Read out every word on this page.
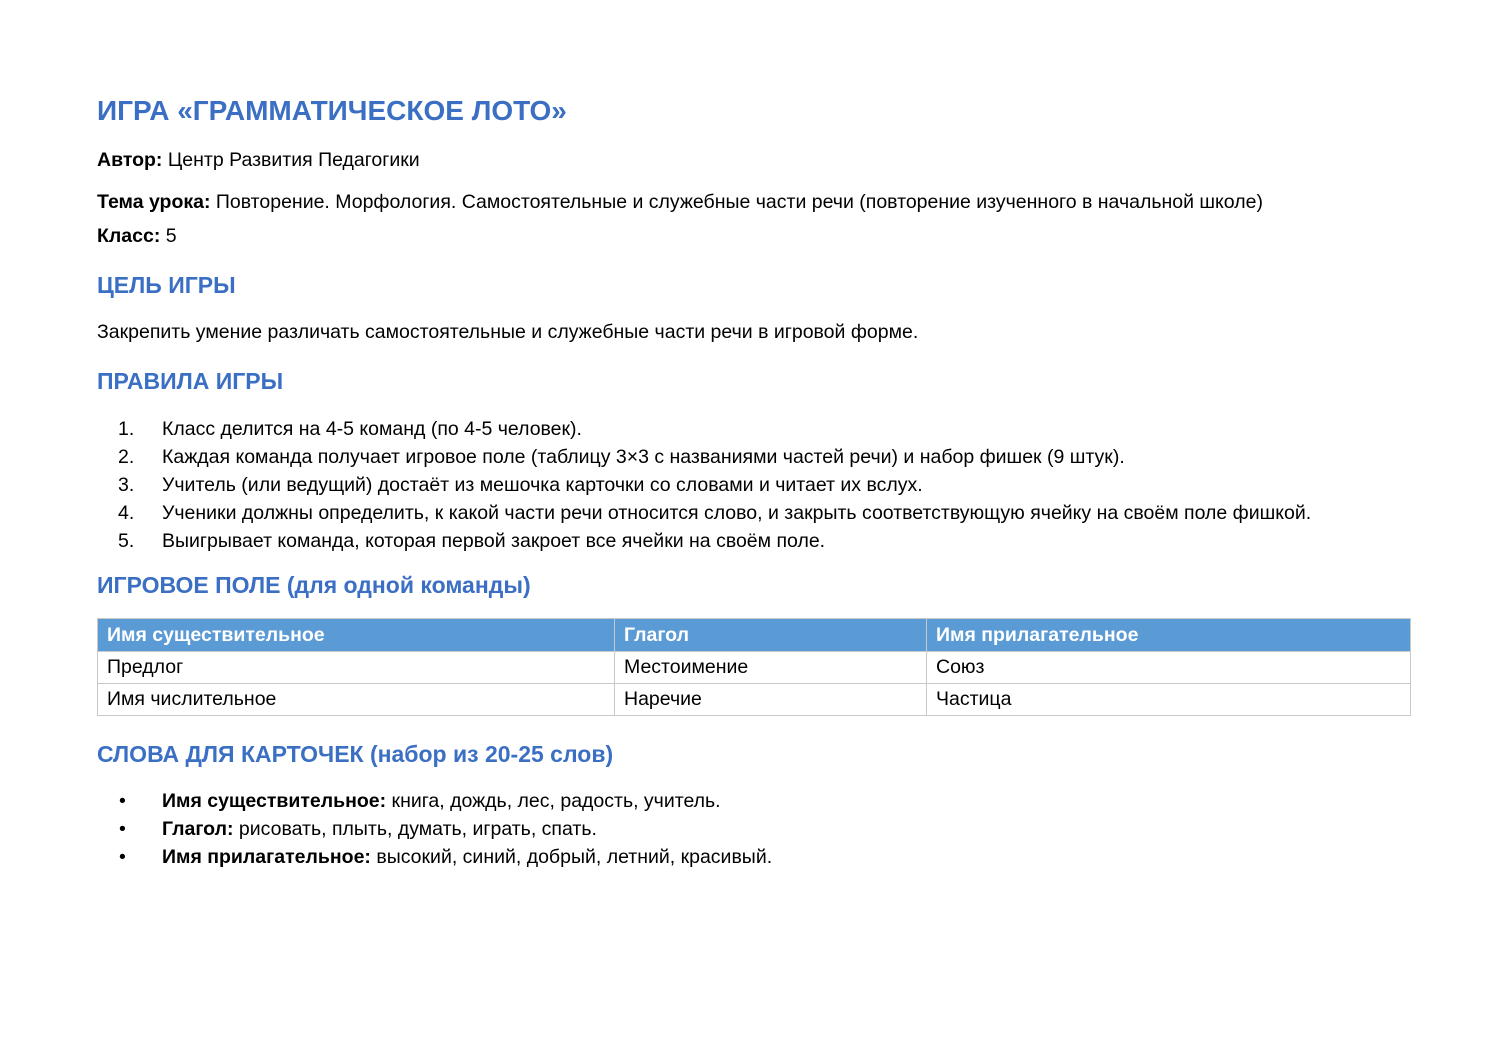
ИГРА «ГРАММАТИЧЕСКОЕ ЛОТО»

Автор: Центр Развития Педагогики

Тема урока: Повторение. Морфология. Самостоятельные и служебные части речи (повторение изученного в начальной школе)

Класс: 5

ЦЕЛЬ ИГРЫ

Закрепить умение различать самостоятельные и служебные части речи в игровой форме.

ПРАВИЛА ИГРЫ
1. Класс делится на 4-5 команд (по 4-5 человек).
2. Каждая команда получает игровое поле (таблицу 3×3 с названиями частей речи) и набор фишек (9 штук).
3. Учитель (или ведущий) достаёт из мешочка карточки со словами и читает их вслух.
4. Ученики должны определить, к какой части речи относится слово, и закрыть соответствующую ячейку на своём поле фишкой.
5. Выигрывает команда, которая первой закроет все ячейки на своём поле.
ИГРОВОЕ ПОЛЕ (для одной команды)
Имя существительное	Глагол	Имя прилагательное
Предлог	Местоимение	Союз
Имя числительное	Наречие	Частица
СЛОВА ДЛЯ КАРТОЧЕК (набор из 20-25 слов)
• Имя существительное: книга, дождь, лес, радость, учитель.
• Глагол: рисовать, плыть, думать, играть, спать.
• Имя прилагательное: высокий, синий, добрый, летний, красивый.
